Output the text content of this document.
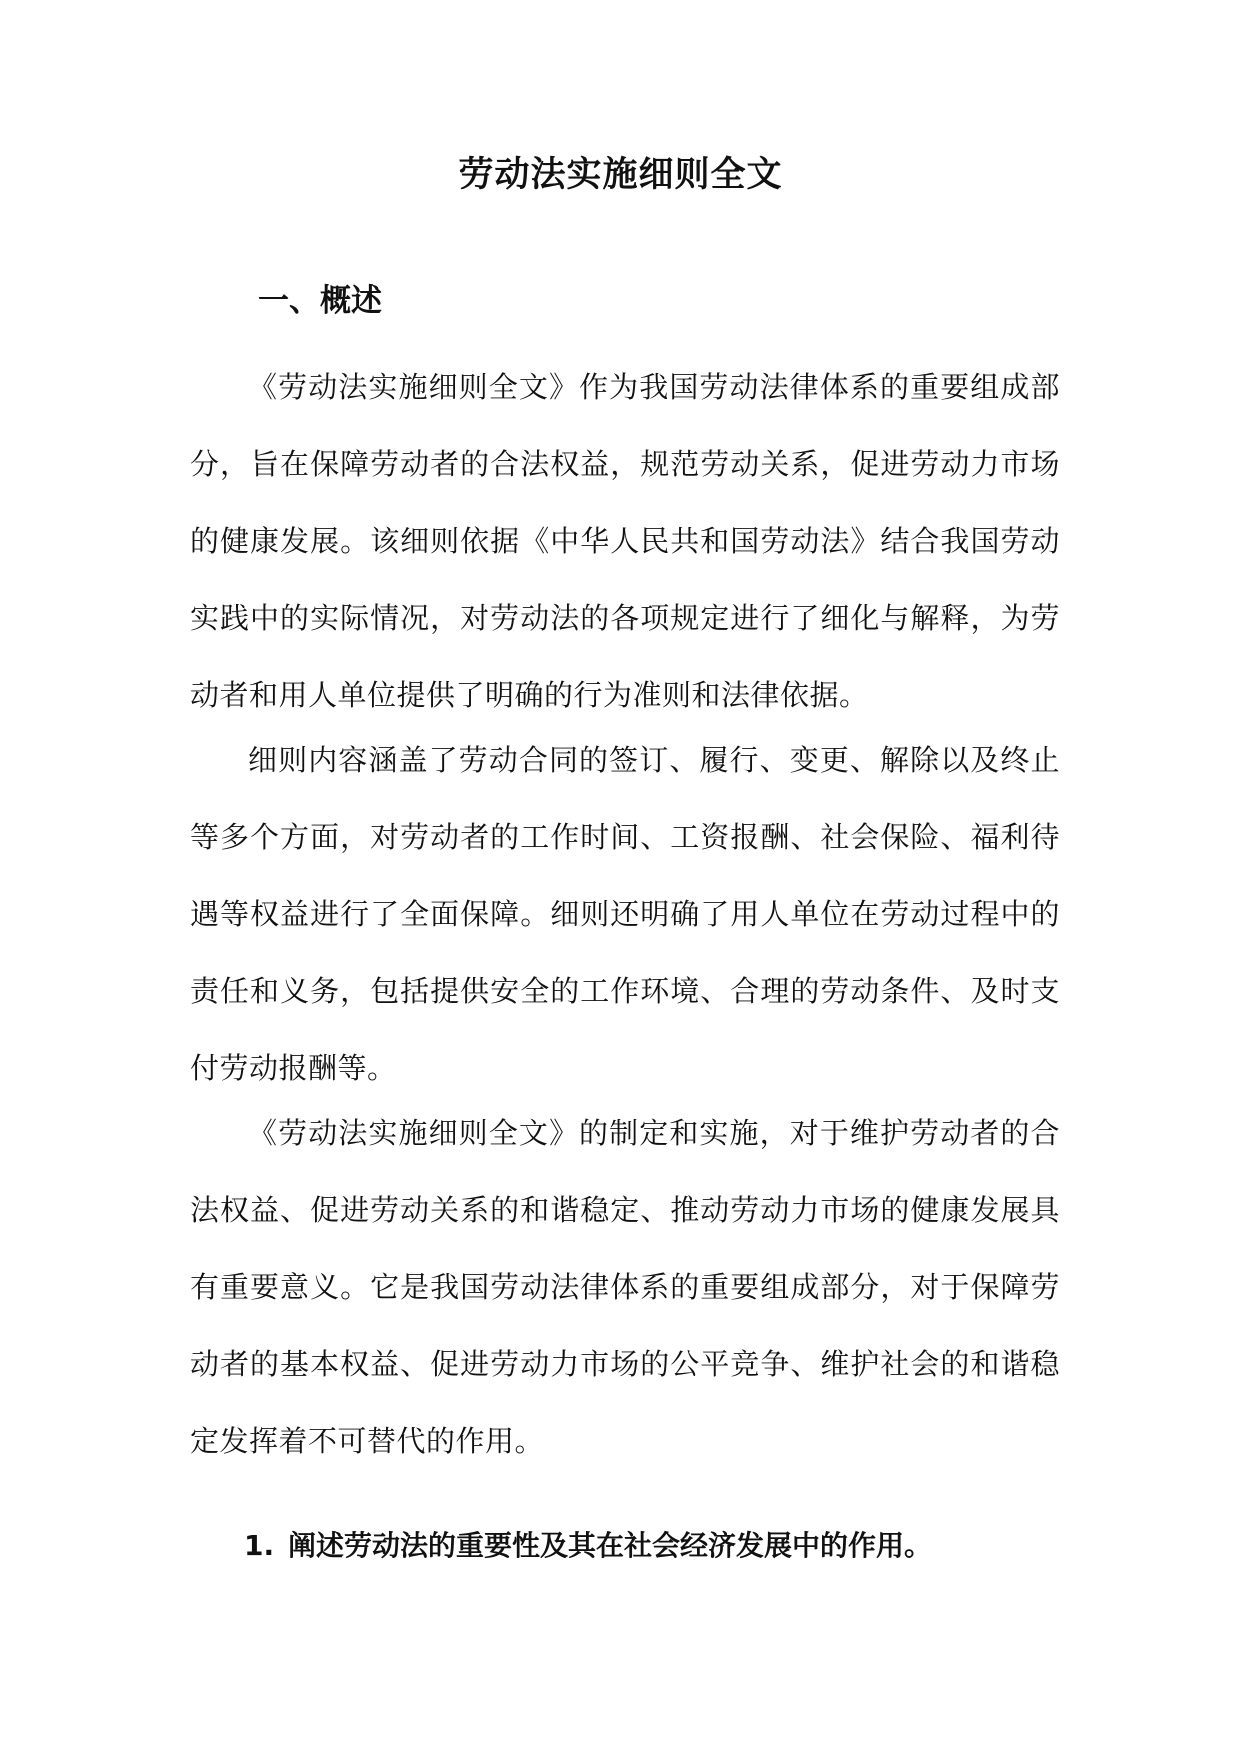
劳动法实施细则全文
一、概述

《劳动法实施细则全文》作为我国劳动法律体系的重要组成部分，旨在保障劳动者的合法权益，规范劳动关系，促进劳动力市场的健康发展。该细则依据《中华人民共和国劳动法》结合我国劳动实践中的实际情况，对劳动法的各项规定进行了细化与解释，为劳动者和用人单位提供了明确的行为准则和法律依据。

细则内容涵盖了劳动合同的签订、履行、变更、解除以及终止等多个方面，对劳动者的工作时间、工资报酬、社会保险、福利待遇等权益进行了全面保障。细则还明确了用人单位在劳动过程中的责任和义务，包括提供安全的工作环境、合理的劳动条件、及时支付劳动报酬等。

《劳动法实施细则全文》的制定和实施，对于维护劳动者的合法权益、促进劳动关系的和谐稳定、推动劳动力市场的健康发展具有重要意义。它是我国劳动法律体系的重要组成部分，对于保障劳动者的基本权益、促进劳动力市场的公平竞争、维护社会的和谐稳定发挥着不可替代的作用。

1. 阐述劳动法的重要性及其在社会经济发展中的作用。
